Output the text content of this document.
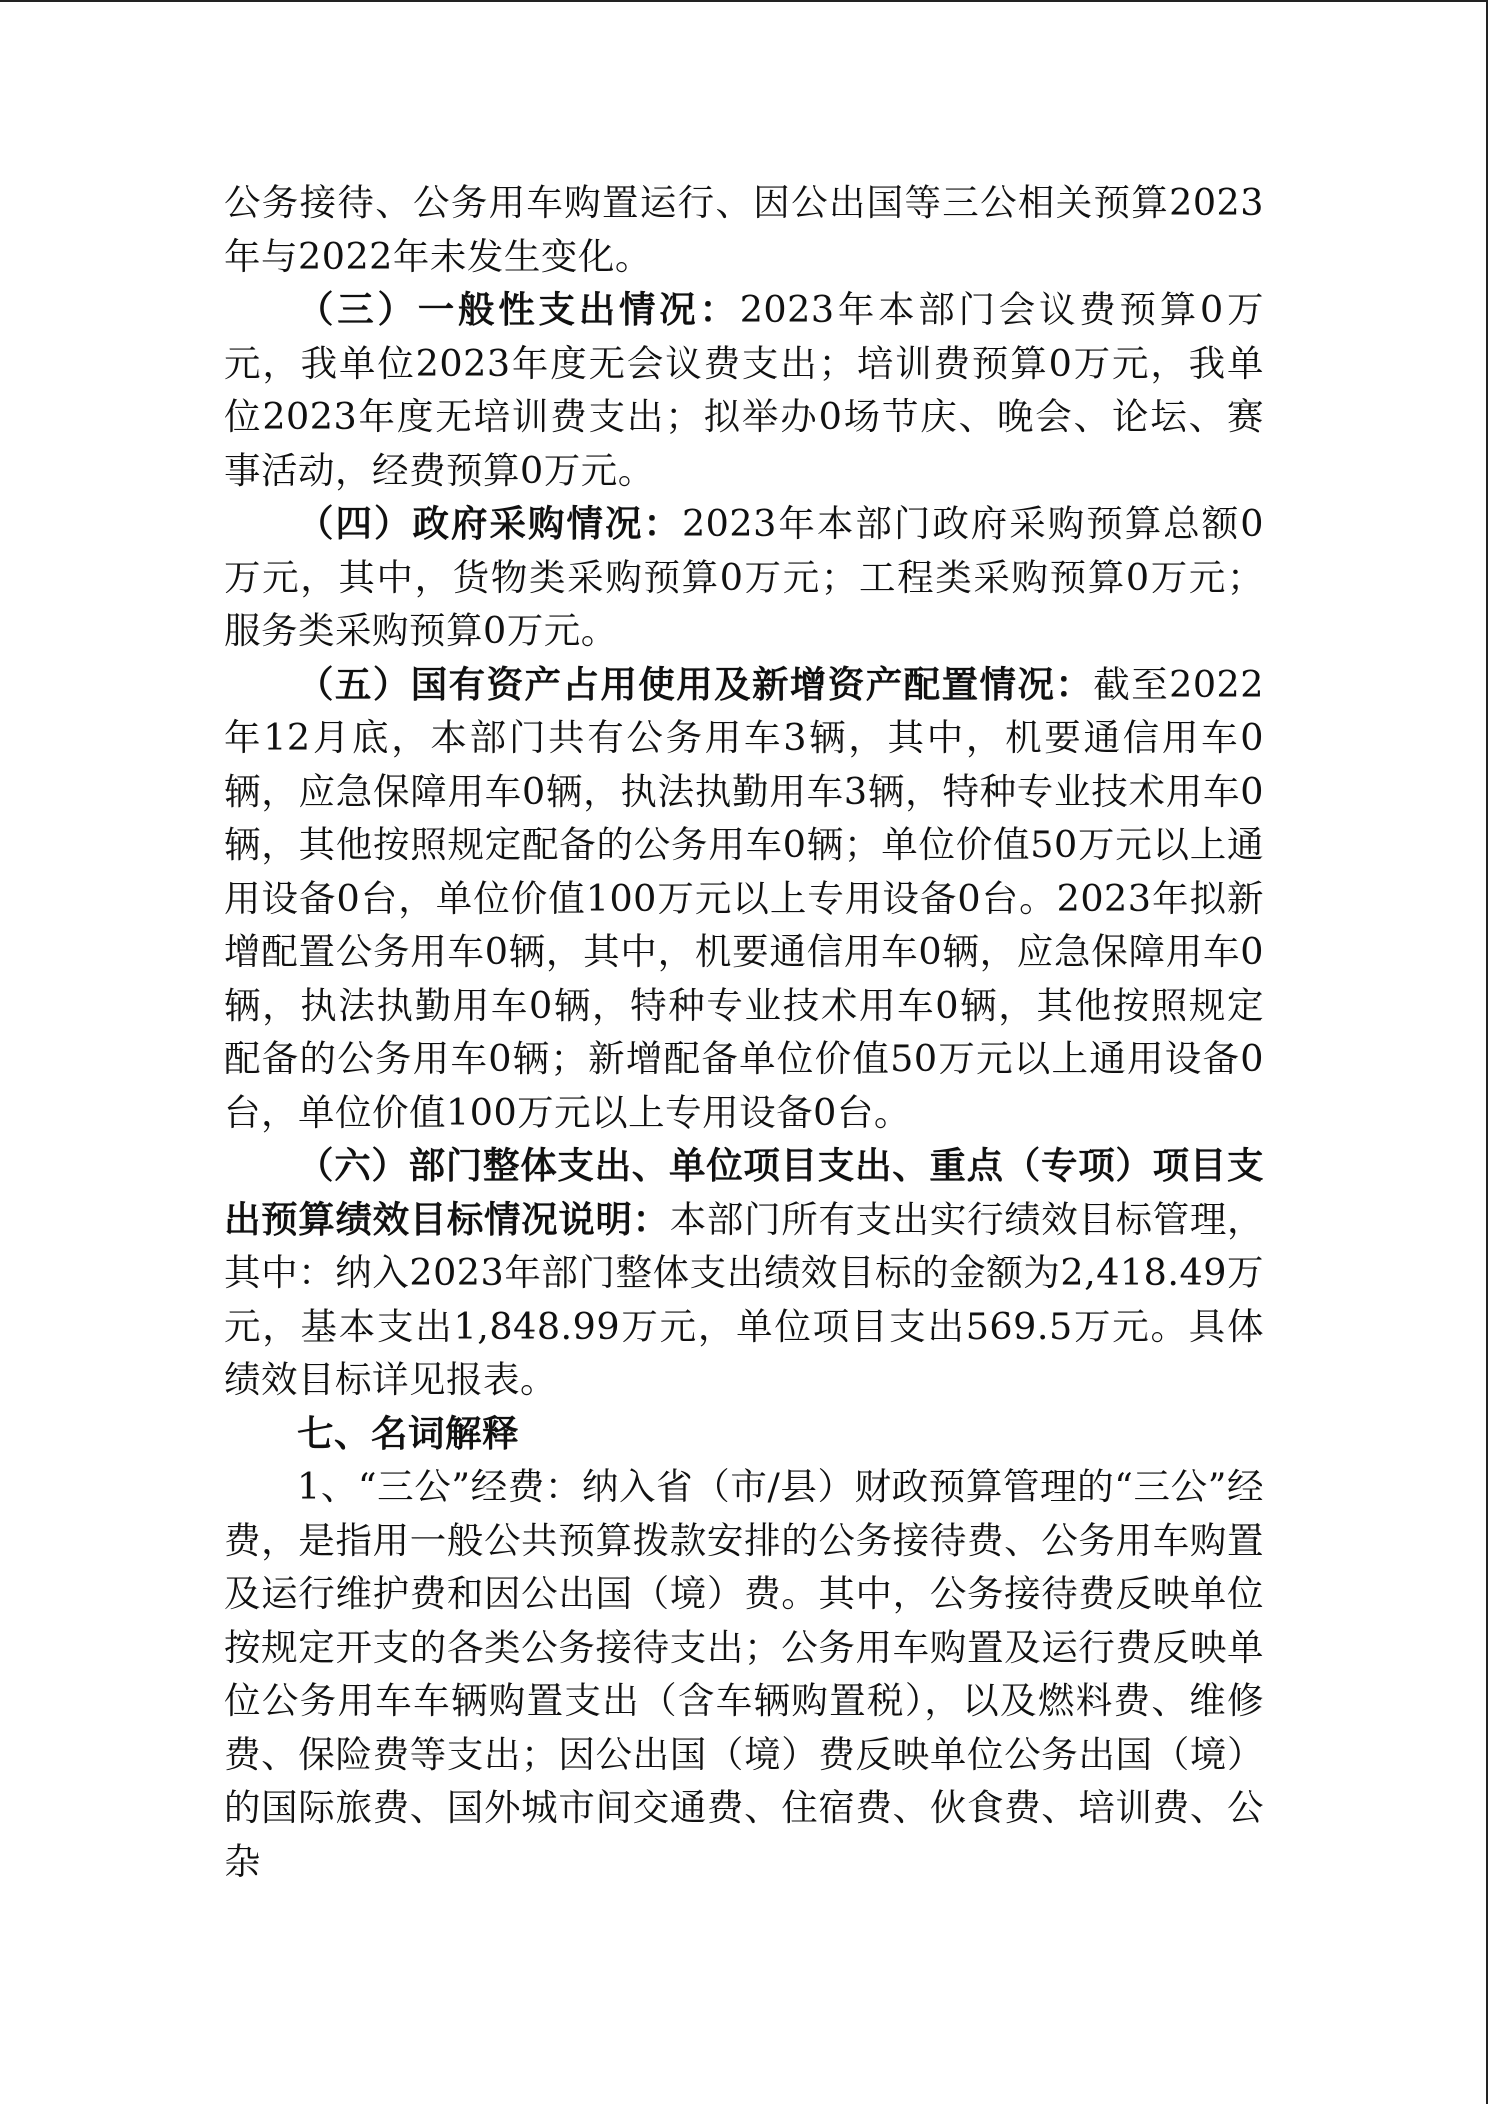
公务接待、公务用车购置运行、因公出国等三公相关预算2023年与2022年未发生变化。

（三）一般性支出情况：2023年本部门会议费预算0万元，我单位2023年度无会议费支出；培训费预算0万元，我单位2023年度无培训费支出；拟举办0场节庆、晚会、论坛、赛事活动，经费预算0万元。

（四）政府采购情况：2023年本部门政府采购预算总额0万元，其中，货物类采购预算0万元；工程类采购预算0万元；服务类采购预算0万元。

（五）国有资产占用使用及新增资产配置情况：截至2022年12月底，本部门共有公务用车3辆，其中，机要通信用车0辆，应急保障用车0辆，执法执勤用车3辆，特种专业技术用车0辆，其他按照规定配备的公务用车0辆；单位价值50万元以上通用设备0台，单位价值100万元以上专用设备0台。2023年拟新增配置公务用车0辆，其中，机要通信用车0辆，应急保障用车0辆，执法执勤用车0辆，特种专业技术用车0辆，其他按照规定配备的公务用车0辆；新增配备单位价值50万元以上通用设备0台，单位价值100万元以上专用设备0台。

（六）部门整体支出、单位项目支出、重点（专项）项目支出预算绩效目标情况说明：本部门所有支出实行绩效目标管理，其中：纳入2023年部门整体支出绩效目标的金额为2,418.49万元，基本支出1,848.99万元，单位项目支出569.5万元。具体绩效目标详见报表。

七、名词解释

1、“三公”经费：纳入省（市/县）财政预算管理的“三公”经费，是指用一般公共预算拨款安排的公务接待费、公务用车购置及运行维护费和因公出国（境）费。其中，公务接待费反映单位按规定开支的各类公务接待支出；公务用车购置及运行费反映单位公务用车车辆购置支出（含车辆购置税），以及燃料费、维修费、保险费等支出；因公出国（境）费反映单位公务出国（境）的国际旅费、国外城市间交通费、住宿费、伙食费、培训费、公杂
